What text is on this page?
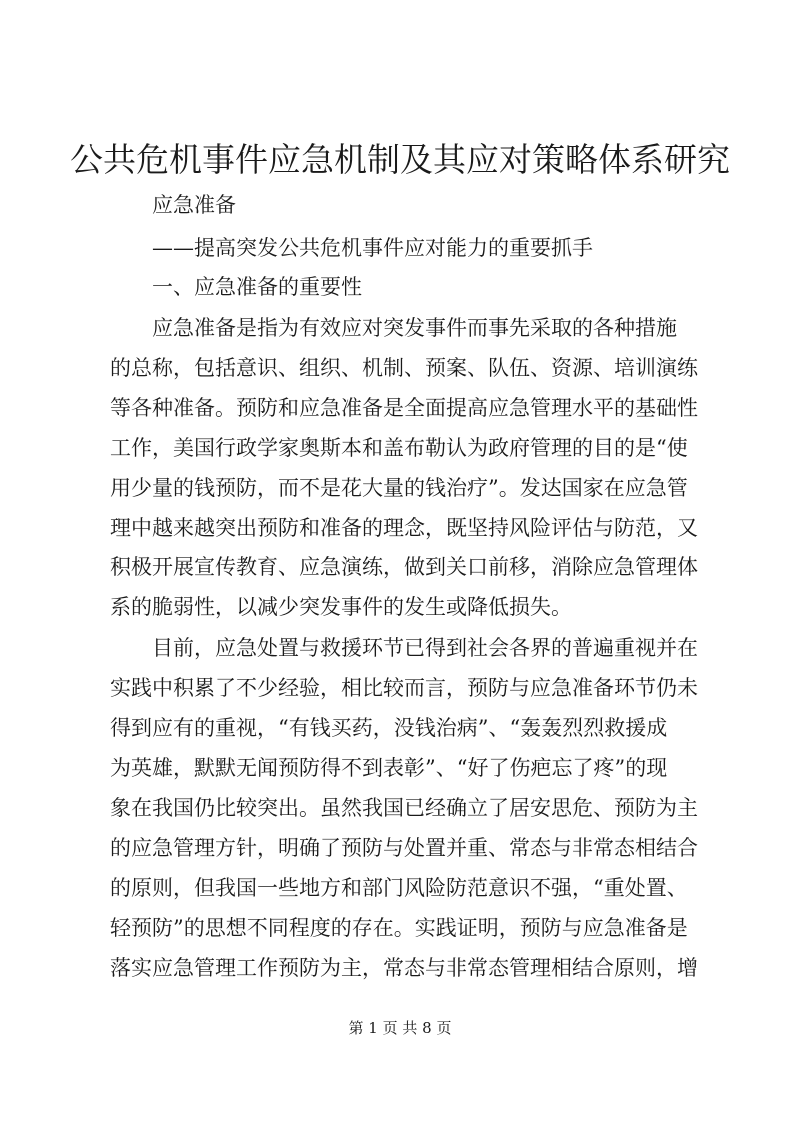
公共危机事件应急机制及其应对策略体系研究

应急准备

——提高突发公共危机事件应对能力的重要抓手

一、应急准备的重要性

应急准备是指为有效应对突发事件而事先采取的各种措施

的总称，包括意识、组织、机制、预案、队伍、资源、培训演练

等各种准备。预防和应急准备是全面提高应急管理水平的基础性

工作，美国行政学家奥斯本和盖布勒认为政府管理的目的是“使

用少量的钱预防，而不是花大量的钱治疗”。发达国家在应急管

理中越来越突出预防和准备的理念，既坚持风险评估与防范，又

积极开展宣传教育、应急演练，做到关口前移，消除应急管理体

系的脆弱性，以减少突发事件的发生或降低损失。

目前，应急处置与救援环节已得到社会各界的普遍重视并在

实践中积累了不少经验，相比较而言，预防与应急准备环节仍未

得到应有的重视，“有钱买药，没钱治病”、“轰轰烈烈救援成

为英雄，默默无闻预防得不到表彰”、“好了伤疤忘了疼”的现

象在我国仍比较突出。虽然我国已经确立了居安思危、预防为主

的应急管理方针，明确了预防与处置并重、常态与非常态相结合

的原则，但我国一些地方和部门风险防范意识不强，“重处置、

轻预防”的思想不同程度的存在。实践证明，预防与应急准备是

落实应急管理工作预防为主，常态与非常态管理相结合原则，增

第 1 页 共 8 页
